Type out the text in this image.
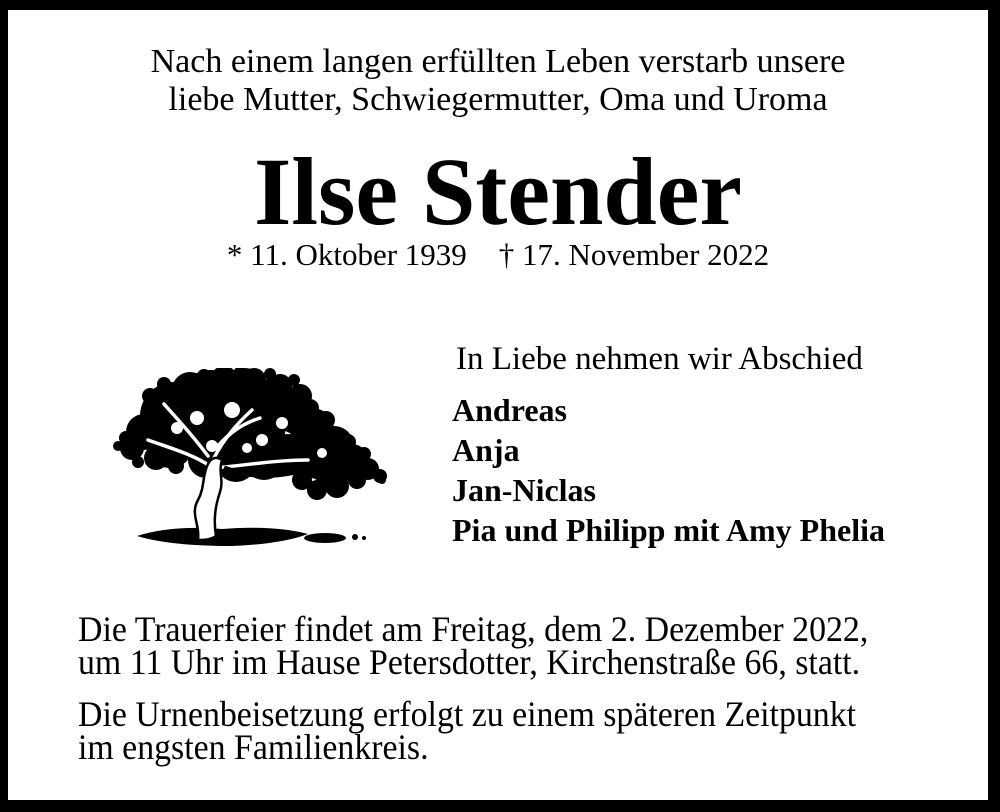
Nach einem langen erfüllten Leben verstarb unsere
liebe Mutter, Schwiegermutter, Oma und Uroma
Ilse Stender
* 11. Oktober 1939 † 17. November 2022
In Liebe nehmen wir Abschied
Andreas
Anja
Jan-Niclas
Pia und Philipp mit Amy Phelia
Die Trauerfeier findet am Freitag, dem 2. Dezember 2022,
um 11 Uhr im Hause Petersdotter, Kirchenstraße 66, statt.
Die Urnenbeisetzung erfolgt zu einem späteren Zeitpunkt
im engsten Familienkreis.
